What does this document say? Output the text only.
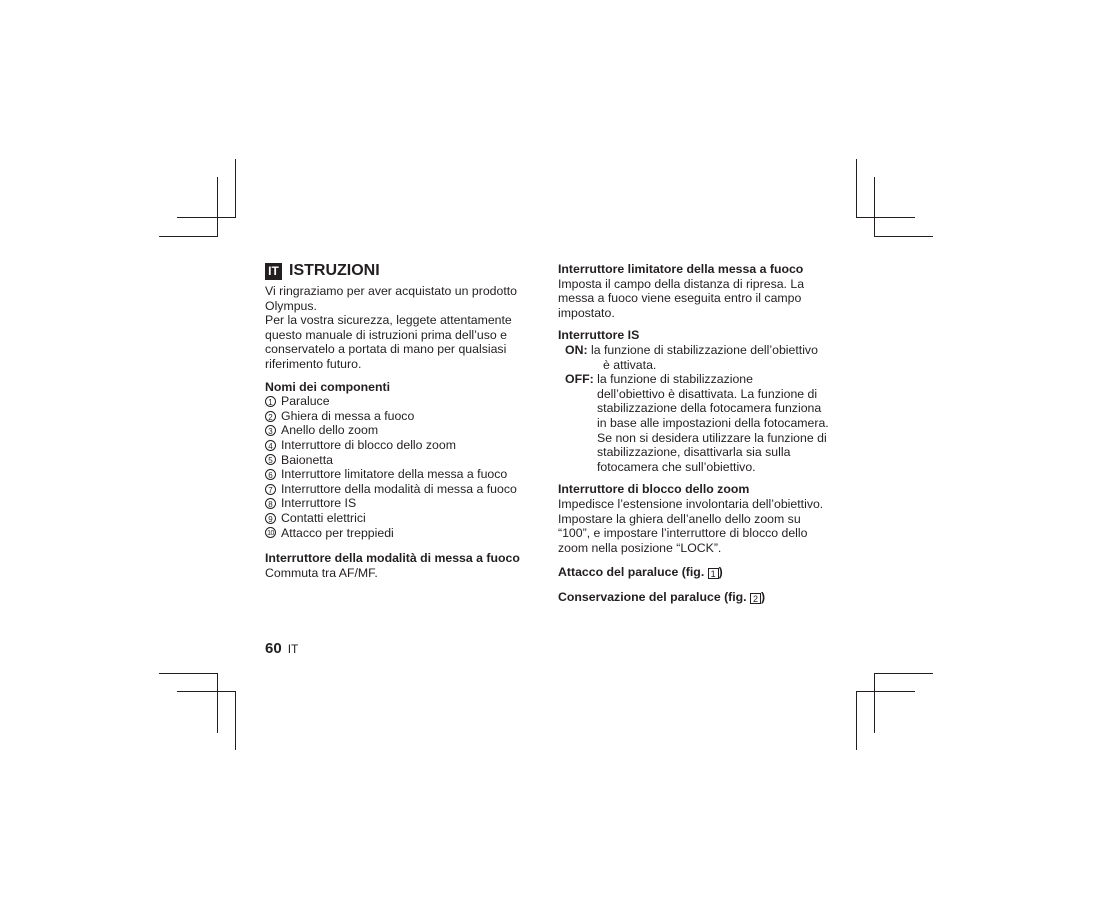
IT ISTRUZIONI

Vi ringraziamo per aver acquistato un prodotto Olympus.

Per la vostra sicurezza, leggete attentamente questo manuale di istruzioni prima dell’uso e conservatelo a portata di mano per qualsiasi riferimento futuro.

Nomi dei componenti
1 Paraluce
2 Ghiera di messa a fuoco
3 Anello dello zoom
4 Interruttore di blocco dello zoom
5 Baionetta
6 Interruttore limitatore della messa a fuoco
7 Interruttore della modalità di messa a fuoco
8 Interruttore IS
9 Contatti elettrici
10 Attacco per treppiedi
Interruttore della modalità di messa a fuoco
Commuta tra AF/MF.
Interruttore limitatore della messa a fuoco
Imposta il campo della distanza di ripresa. La messa a fuoco viene eseguita entro il campo impostato.
Interruttore IS
ON:
la funzione di stabilizzazione dell’obiettivo
è attivata.
OFF:
la funzione di stabilizzazione
dell’obiettivo è disattivata. La funzione di stabilizzazione della fotocamera funziona in base alle impostazioni della fotocamera. Se non si desidera utilizzare la funzione di stabilizzazione, disattivarla sia sulla fotocamera che sull’obiettivo.
Interruttore di blocco dello zoom
Impedisce l’estensione involontaria dell’obiettivo. Impostare la ghiera dell’anello dello zoom su “100”, e impostare l’interruttore di blocco dello zoom nella posizione “LOCK”.
Attacco del paraluce (fig. 1 )
Conservazione del paraluce (fig. 2 )
60 IT
